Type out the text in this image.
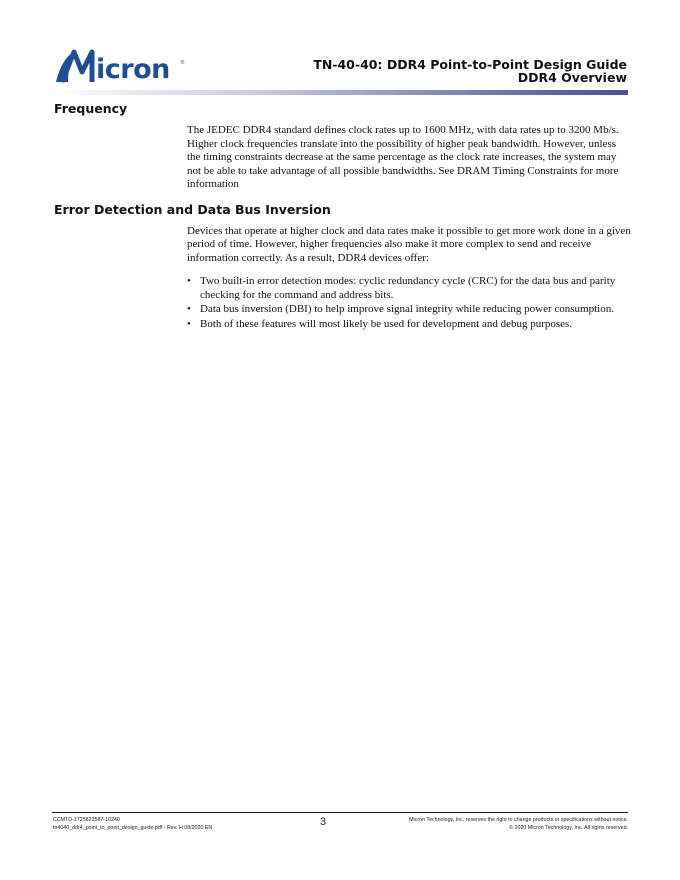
icron ®	TN-40-40: DDR4 Point-to-Point Design Guide
DDR4 Overview
Frequency

The JEDEC DDR4 standard defines clock rates up to 1600 MHz, with data rates up to 3200 Mb/s. Higher clock frequencies translate into the possibility of higher peak bandwidth. However, unless the timing constraints decrease at the same percentage as the clock rate increases, the system may not be able to take advantage of all possible bandwidths. See DRAM Timing Constraints for more information

Error Detection and Data Bus Inversion

Devices that operate at higher clock and data rates make it possible to get more work done in a given period of time. However, higher frequencies also make it more complex to send and receive information correctly. As a result, DDR4 devices offer:

• Two built-in error detection modes: cyclic redundancy cycle (CRC) for the data bus and parity checking for the command and address bits.
• Data bus inversion (DBI) to help improve signal integrity while reducing power consumption.
• Both of these features will most likely be used for development and debug purposes.
CCMTD-1725822587-10240
tn4040_ddr4_point_to_point_design_guide.pdf - Rev. H 08/2020 EN	3	Micron Technology, Inc. reserves the right to change products or specifications without notice.
© 2020 Micron Technology, Inc. All rights reserved.
